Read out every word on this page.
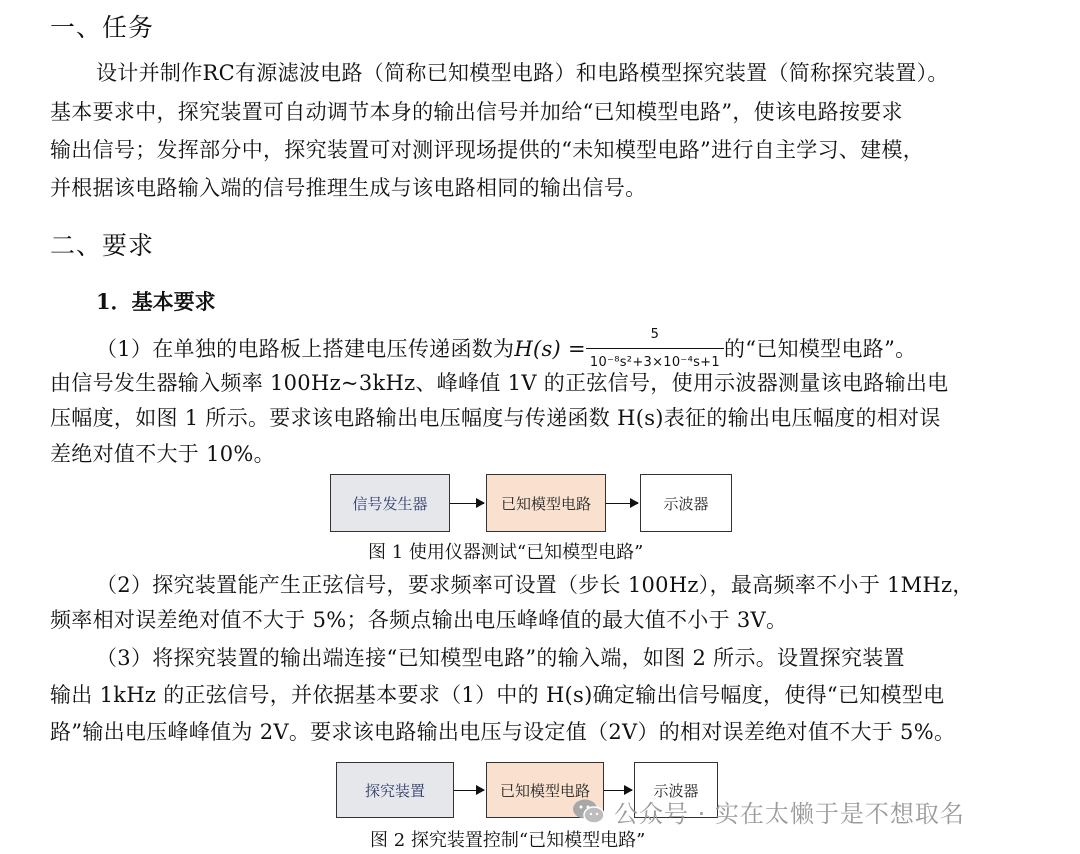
一、任务
设计并制作RC有源滤波电路（简称已知模型电路）和电路模型探究装置（简称探究装置）。
基本要求中，探究装置可自动调节本身的输出信号并加给“已知模型电路”，使该电路按要求
输出信号；发挥部分中，探究装置可对测评现场提供的“未知模型电路”进行自主学习、建模，
并根据该电路输入端的信号推理生成与该电路相同的输出信号。
二、要求
1．基本要求
（1）在单独的电路板上搭建电压传递函数为 $H(s) = \frac{5}{\text{10⁻⁸s²+3×10⁻⁴s+1}}$ 的“已知模型电路”。
由信号发生器输入频率 100Hz~3kHz、峰峰值 1V 的正弦信号，使用示波器测量该电路输出电
压幅度，如图 1 所示。要求该电路输出电压幅度与传递函数 H(s)表征的输出电压幅度的相对误
差绝对值不大于 10%。
信号发生器	已知模型电路	示波器
图 1 使用仪器测试“已知模型电路”
（2）探究装置能产生正弦信号，要求频率可设置（步长 100Hz），最高频率不小于 1MHz，
频率相对误差绝对值不大于 5%；各频点输出电压峰峰值的最大值不小于 3V。
（3）将探究装置的输出端连接“已知模型电路”的输入端，如图 2 所示。设置探究装置
输出 1kHz 的正弦信号，并依据基本要求（1）中的 H(s)确定输出信号幅度，使得“已知模型电
路”输出电压峰峰值为 2V。要求该电路输出电压与设定值（2V）的相对误差绝对值不大于 5%。
探究装置	已知模型电路	示波器
图 2 探究装置控制“已知模型电路”
公众号 · 实在太懒于是不想取名
